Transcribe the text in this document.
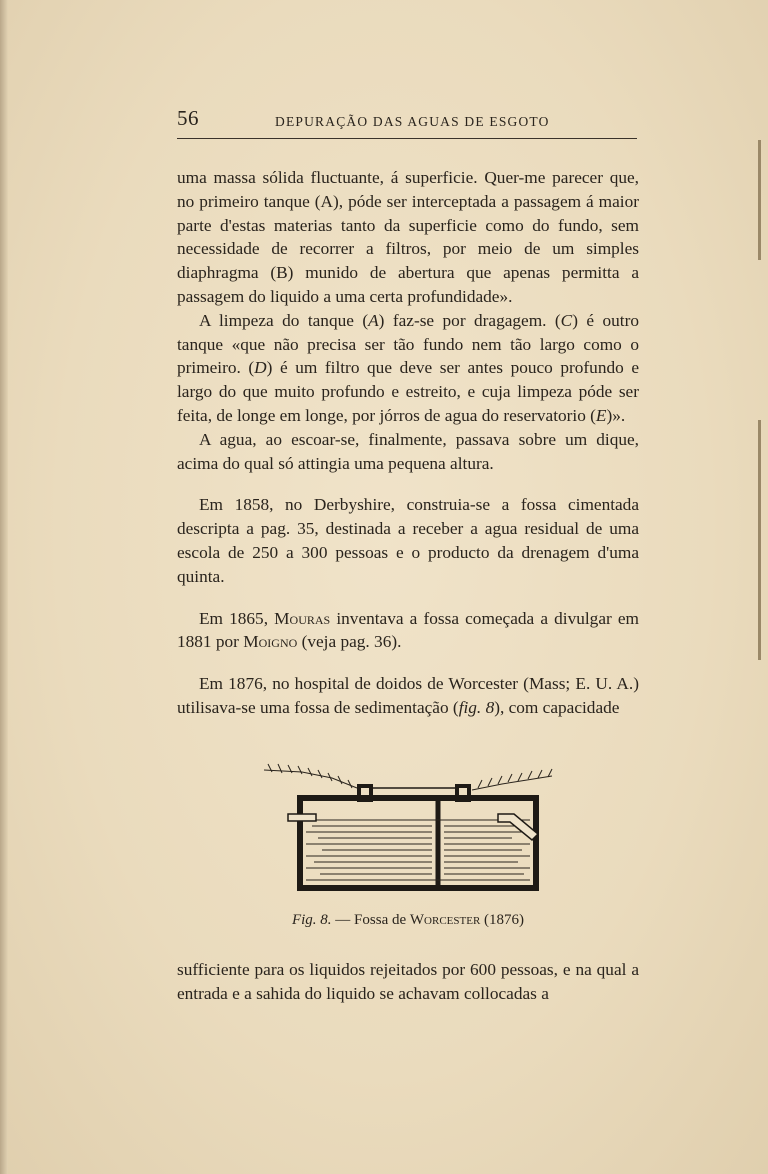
56	DEPURAÇÃO DAS AGUAS DE ESGOTO

uma massa sólida fluctuante, á superficie. Quer-me parecer que, no primeiro tanque (A), póde ser interceptada a passagem á maior parte d'estas materias tanto da superficie como do fundo, sem necessidade de recorrer a filtros, por meio de um simples diaphragma (B) munido de abertura que apenas permitta a passagem do liquido a uma certa profundidade».

A limpeza do tanque (A) faz-se por dragagem. (C) é outro tanque «que não precisa ser tão fundo nem tão largo como o primeiro. (D) é um filtro que deve ser antes pouco profundo e largo do que muito profundo e estreito, e cuja limpeza póde ser feita, de longe em longe, por jórros de agua do reservatorio (E)».

A agua, ao escoar-se, finalmente, passava sobre um dique, acima do qual só attingia uma pequena altura.

Em 1858, no Derbyshire, construia-se a fossa cimentada descripta a pag. 35, destinada a receber a agua residual de uma escola de 250 a 300 pessoas e o producto da drenagem d'uma quinta.

Em 1865, Mouras inventava a fossa começada a divulgar em 1881 por Moigno (veja pag. 36).

Em 1876, no hospital de doidos de Worcester (Mass; E. U. A.) utilisava-se uma fossa de sedimentação (fig. 8), com capacidade

Fig. 8. — Fossa de Worcester (1876)

sufficiente para os liquidos rejeitados por 600 pessoas, e na qual a entrada e a sahida do liquido se achavam collocadas a
